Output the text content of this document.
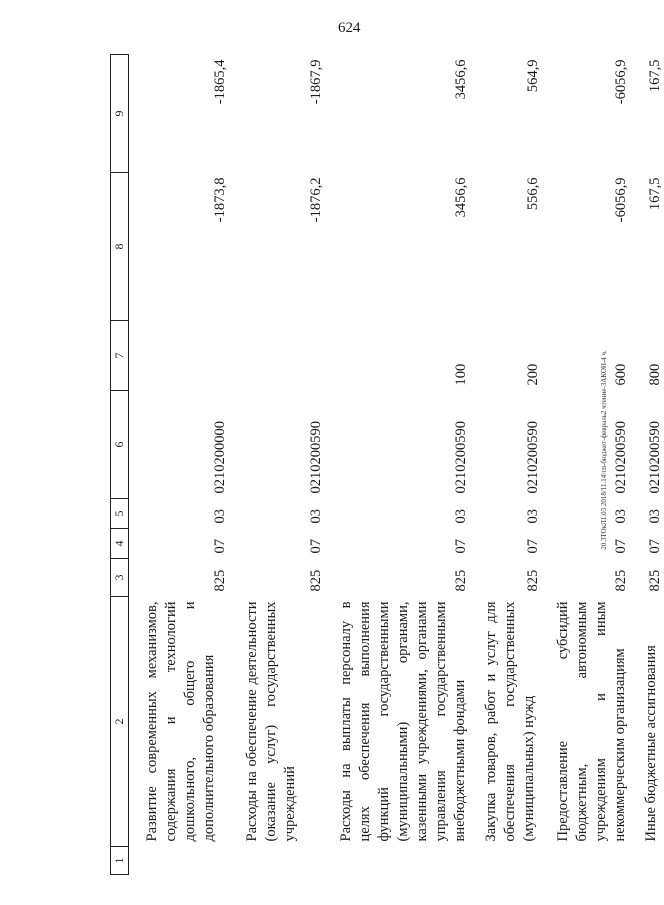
624
20.3ТОкЛ1.03 2018/11.14\тп-бюджет-февраль2 чтение-ЗАКОН-4 ч.
1	2	3	4	5	6	7	8	9

	Развитие современных механизмов, содержания и технологий дошкольного, общего и дополнительного образования	825	07	03	0210200000		-1873,8	-1865,4
	Расходы на обеспечение деятельности (оказание услуг) государственных учреждений	825	07	03	0210200590		-1876,2	-1867,9
	Расходы на выплаты персоналу в целях обеспечения выполнения функций государственными (муниципальными) органами, казенными учреждениями, органами управления государственными внебюджетными фондами	825	07	03	0210200590	100	3456,6	3456,6
	Закупка товаров, работ и услуг для обеспечения государственных (муниципальных) нужд	825	07	03	0210200590	200	556,6	564,9
	Предоставление субсидий бюджетным, автономным учреждениям и иным некоммерческим организациям	825	07	03	0210200590	600	-6056,9	-6056,9
	Иные бюджетные ассигнования	825	07	03	0210200590	800	167,5	167,5
